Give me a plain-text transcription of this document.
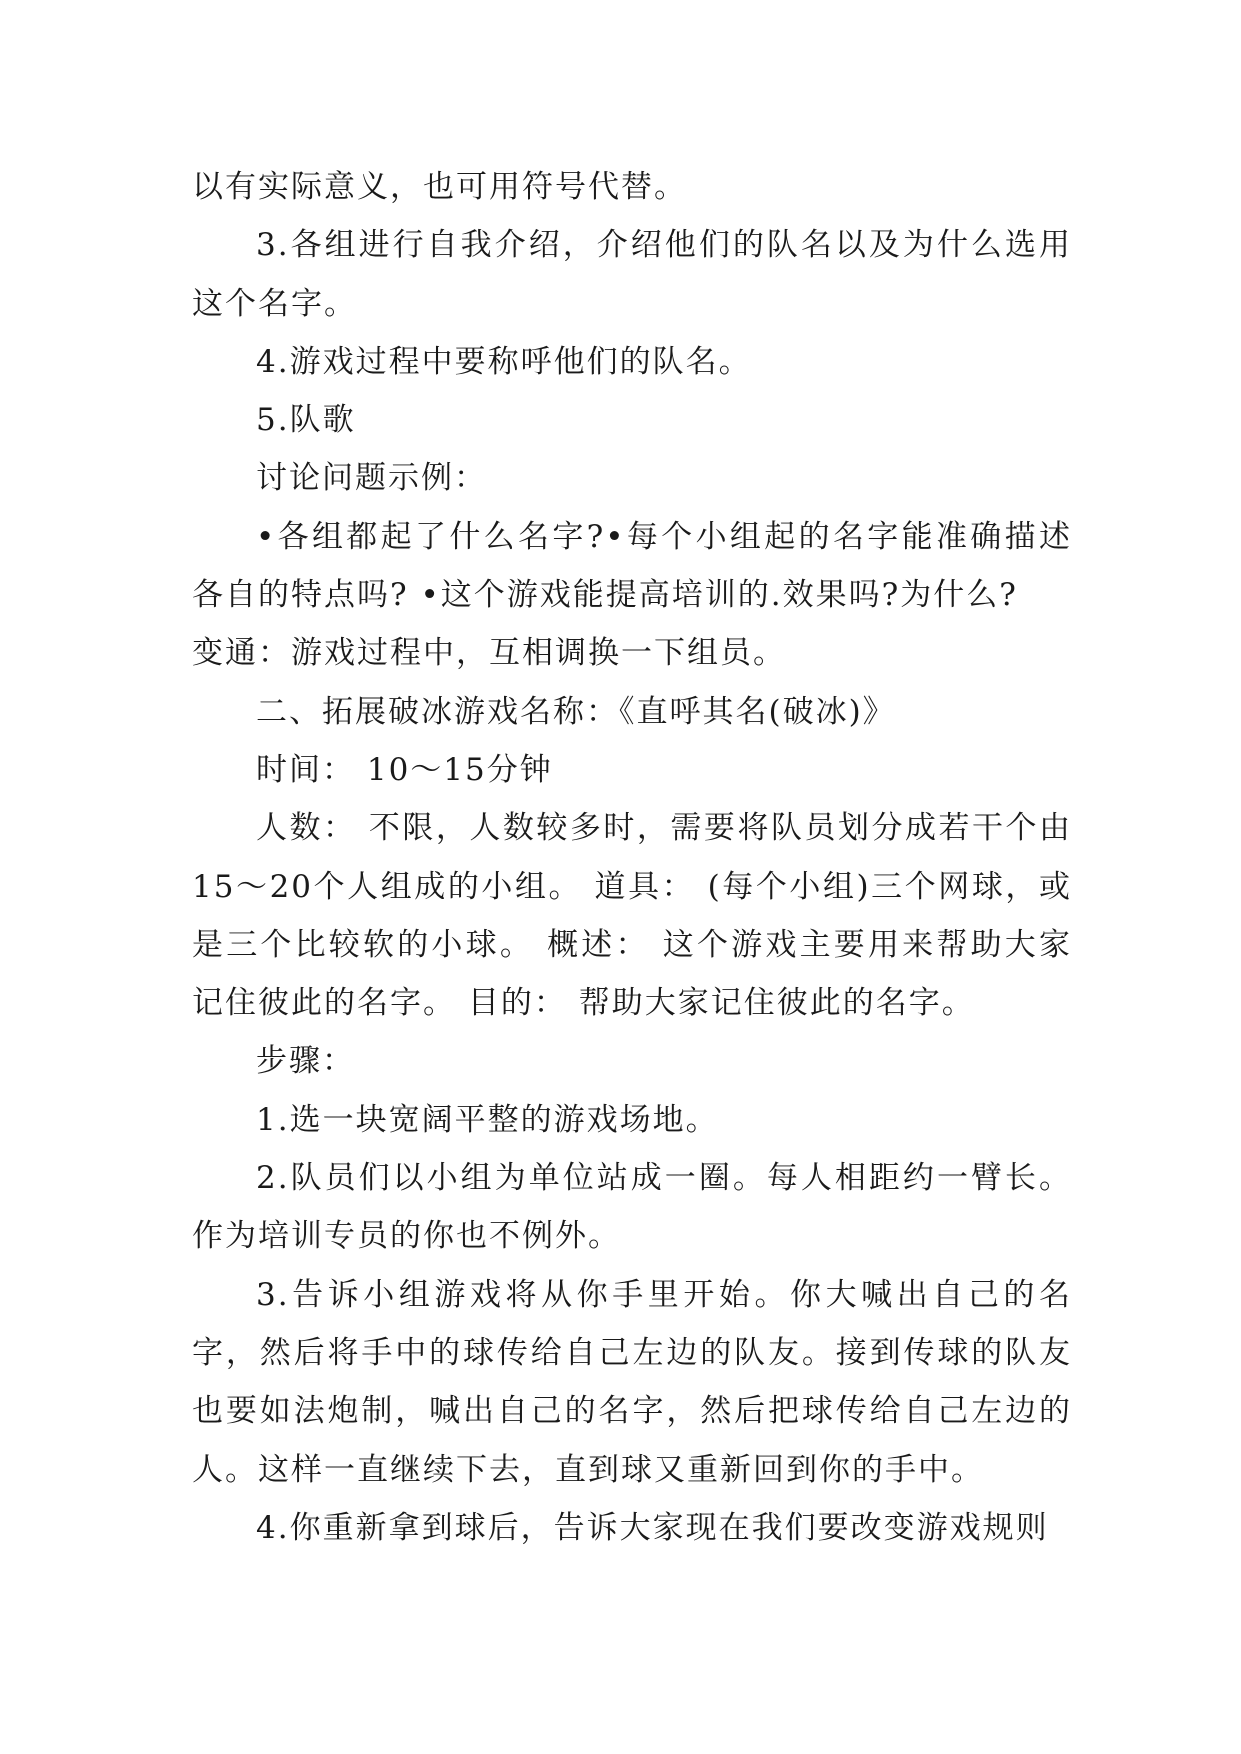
以有实际意义，也可用符号代替。

3.各组进行自我介绍，介绍他们的队名以及为什么选用这个名字。

4.游戏过程中要称呼他们的队名。

5.队歌

讨论问题示例：

•各组都起了什么名字?•每个小组起的名字能准确描述各自的特点吗? •这个游戏能提高培训的.效果吗?为什么?

变通：游戏过程中，互相调换一下组员。

二、拓展破冰游戏名称：《直呼其名(破冰)》

时间： 10～15分钟

人数： 不限，人数较多时，需要将队员划分成若干个由15～20个人组成的小组。 道具： (每个小组)三个网球，或是三个比较软的小球。 概述： 这个游戏主要用来帮助大家记住彼此的名字。 目的： 帮助大家记住彼此的名字。

步骤：

1.选一块宽阔平整的游戏场地。

2.队员们以小组为单位站成一圈。每人相距约一臂长。作为培训专员的你也不例外。

3.告诉小组游戏将从你手里开始。你大喊出自己的名字，然后将手中的球传给自己左边的队友。接到传球的队友也要如法炮制，喊出自己的名字，然后把球传给自己左边的人。这样一直继续下去，直到球又重新回到你的手中。

4.你重新拿到球后，告诉大家现在我们要改变游戏规则
